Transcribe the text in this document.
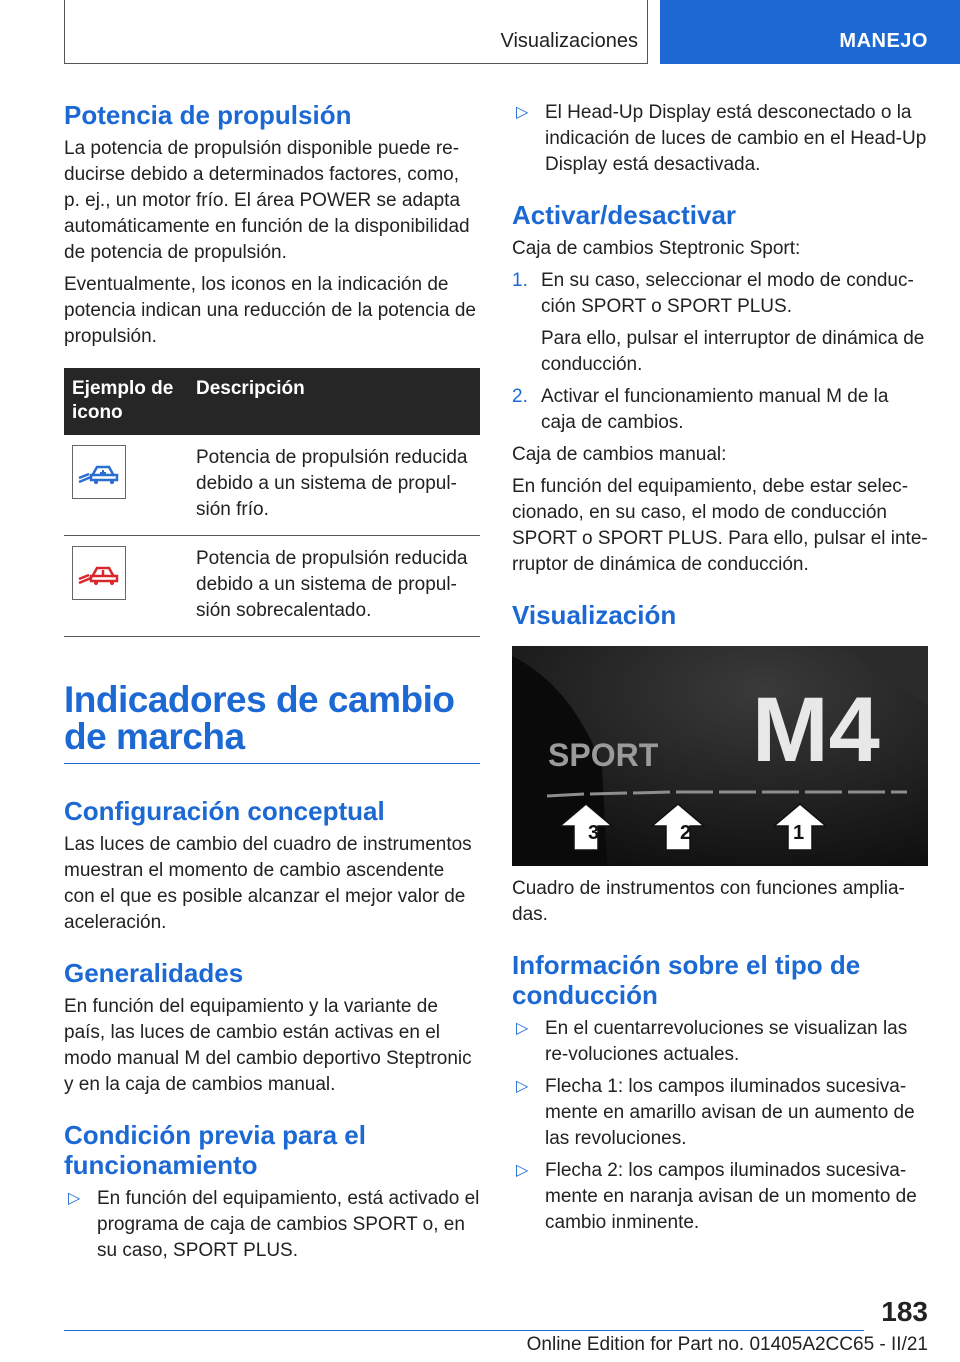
Visualizaciones	MANEJO
Potencia de propulsión

La potencia de propulsión disponible puede re-ducirse debido a determinados factores, como, p. ej., un motor frío. El área POWER se adapta automáticamente en función de la disponibilidad de potencia de propulsión.

Eventualmente, los iconos en la indicación de potencia indican una reducción de la potencia de propulsión.

Ejemplo de icono	Descripción

	Potencia de propulsión reducida debido a un sistema de propul-sión frío.

	Potencia de propulsión reducida debido a un sistema de propul-sión sobrecalentado.
Indicadores de cambio de marcha
Configuración conceptual

Las luces de cambio del cuadro de instrumentos muestran el momento de cambio ascendente con el que es posible alcanzar el mejor valor de aceleración.

Generalidades

En función del equipamiento y la variante de país, las luces de cambio están activas en el modo manual M del cambio deportivo Steptronic y en la caja de cambios manual.

Condición previa para el funcionamiento
▷ En función del equipamiento, está activado el programa de caja de cambios SPORT o, en su caso, SPORT PLUS.
▷ El Head-Up Display está desconectado o la indicación de luces de cambio en el Head-Up Display está desactivada.
Activar/desactivar

Caja de cambios Steptronic Sport:

1. En su caso, seleccionar el modo de conduc-ción SPORT o SPORT PLUS.

Para ello, pulsar el interruptor de dinámica de conducción.

2. Activar el funcionamiento manual M de la caja de cambios.

Caja de cambios manual:

En función del equipamiento, debe estar selec-cionado, en su caso, el modo de conducción SPORT o SPORT PLUS. Para ello, pulsar el inte-rruptor de dinámica de conducción.

Visualización
SPORT M4
3	2	1

Cuadro de instrumentos con funciones amplia-das.

Información sobre el tipo de conducción
▷ En el cuentarrevoluciones se visualizan las re-voluciones actuales.
▷ Flecha 1: los campos iluminados sucesiva-mente en amarillo avisan de un aumento de las revoluciones.
▷ Flecha 2: los campos iluminados sucesiva-mente en naranja avisan de un momento de cambio inminente.
183
Online Edition for Part no. 01405A2CC65 - II/21
